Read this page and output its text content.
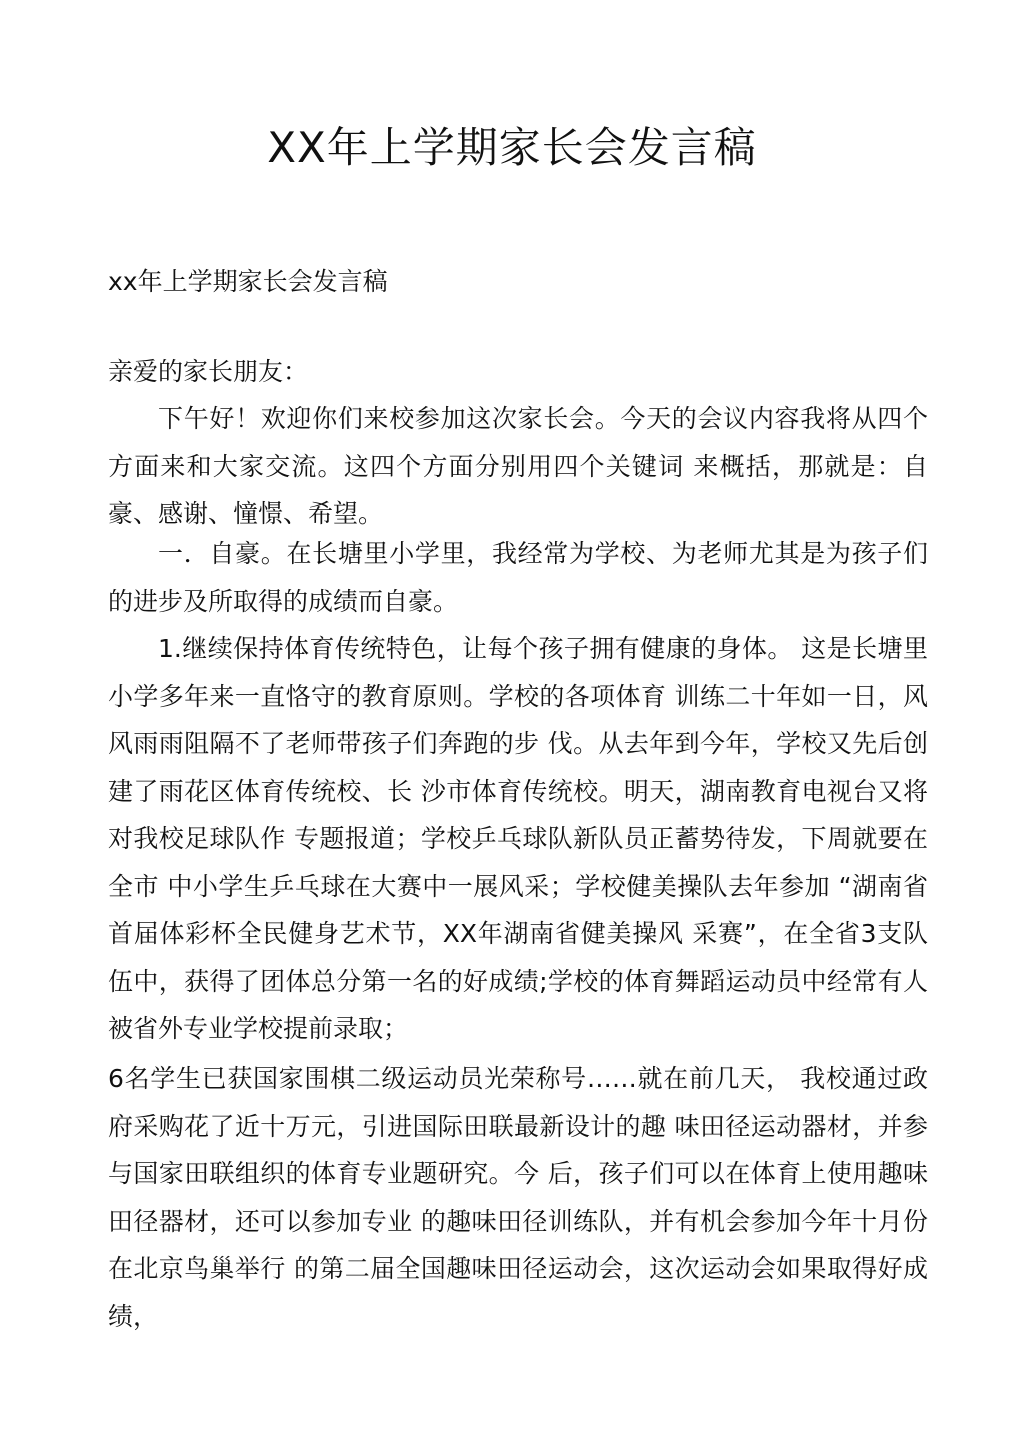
XX年上学期家长会发言稿

xx年上学期家长会发言稿

亲爱的家长朋友：

下午好！欢迎你们来校参加这次家长会。今天的会议内容我将从四个方面来和大家交流。这四个方面分别用四个关键词 来概括，那就是：自豪、感谢、憧憬、希望。

一．自豪。在长塘里小学里，我经常为学校、为老师尤其是为孩子们的进步及所取得的成绩而自豪。

1.继续保持体育传统特色，让每个孩子拥有健康的身体。 这是长塘里小学多年来一直恪守的教育原则。学校的各项体育 训练二十年如一日，风风雨雨阻隔不了老师带孩子们奔跑的步 伐。从去年到今年，学校又先后创建了雨花区体育传统校、长 沙市体育传统校。明天，湖南教育电视台又将对我校足球队作 专题报道；学校乒乓球队新队员正蓄势待发，下周就要在全市 中小学生乒乓球在大赛中一展风采；学校健美操队去年参加 “湖南省首届体彩杯全民健身艺术节，XX年湖南省健美操风 采赛”，在全省3支队伍中，获得了团体总分第一名的好成绩;学校的体育舞蹈运动员中经常有人被省外专业学校提前录取；

6名学生已获国家围棋二级运动员光荣称号……就在前几天， 我校通过政府采购花了近十万元，引进国际田联最新设计的趣 味田径运动器材，并参与国家田联组织的体育专业题研究。今 后，孩子们可以在体育上使用趣味田径器材，还可以参加专业 的趣味田径训练队，并有机会参加今年十月份在北京鸟巢举行 的第二届全国趣味田径运动会，这次运动会如果取得好成绩，
